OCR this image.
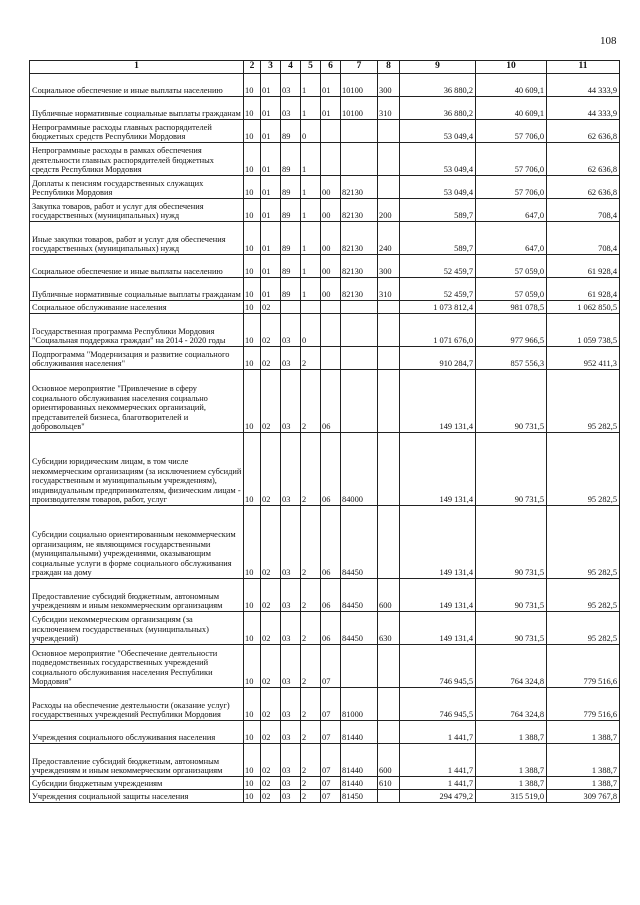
108
1	2	3	4	5	6	7	8	9	10	11
Социальное обеспечение и иные выплаты населению	10	01	03	1	01	10100	300	36 880,2	40 609,1	44 333,9
Публичные нормативные социальные выплаты гражданам	10	01	03	1	01	10100	310	36 880,2	40 609,1	44 333,9
Непрограммные расходы главных распорядителей бюджетных средств Республики Мордовия	10	01	89	0				53 049,4	57 706,0	62 636,8
Непрограммные расходы в рамках обеспечения деятельности главных распорядителей бюджетных средств Республики Мордовия	10	01	89	1				53 049,4	57 706,0	62 636,8
Доплаты к пенсиям государственных служащих Республики Мордовия	10	01	89	1	00	82130		53 049,4	57 706,0	62 636,8
Закупка товаров, работ и услуг для обеспечения государственных (муниципальных) нужд	10	01	89	1	00	82130	200	589,7	647,0	708,4
Иные закупки товаров, работ и услуг для обеспечения государственных (муниципальных) нужд	10	01	89	1	00	82130	240	589,7	647,0	708,4
Социальное обеспечение и иные выплаты населению	10	01	89	1	00	82130	300	52 459,7	57 059,0	61 928,4
Публичные нормативные социальные выплаты гражданам	10	01	89	1	00	82130	310	52 459,7	57 059,0	61 928,4
Социальное обслуживание населения	10	02						1 073 812,4	981 078,5	1 062 850,5
Государственная программа Республики Мордовия "Социальная поддержка граждан" на 2014 - 2020 годы	10	02	03	0				1 071 676,0	977 966,5	1 059 738,5
Подпрограмма "Модернизация и развитие социального обслуживания населения"	10	02	03	2				910 284,7	857 556,3	952 411,3
Основное мероприятие "Привлечение в сферу социального обслуживания населения социально ориентированных некоммерческих организаций, представителей бизнеса, благотворителей и добровольцев"	10	02	03	2	06			149 131,4	90 731,5	95 282,5
Субсидии юридическим лицам, в том числе некоммерческим организациям (за исключением субсидий государственным и муниципальным учреждениям), индивидуальным предпринимателям, физическим лицам - производителям товаров, работ, услуг	10	02	03	2	06	84000		149 131,4	90 731,5	95 282,5
Субсидии социально ориентированным некоммерческим организациям, не являющимся государственными (муниципальными) учреждениями, оказывающим социальные услуги в форме социального обслуживания граждан на дому	10	02	03	2	06	84450		149 131,4	90 731,5	95 282,5
Предоставление субсидий бюджетным, автономным учреждениям и иным некоммерческим организациям	10	02	03	2	06	84450	600	149 131,4	90 731,5	95 282,5
Субсидии некоммерческим организациям (за исключением государственных (муниципальных) учреждений)	10	02	03	2	06	84450	630	149 131,4	90 731,5	95 282,5
Основное мероприятие "Обеспечение деятельности подведомственных государственных учреждений социального обслуживания населения Республики Мордовия"	10	02	03	2	07			746 945,5	764 324,8	779 516,6
Расходы на обеспечение деятельности (оказание услуг) государственных учреждений Республики Мордовия	10	02	03	2	07	81000		746 945,5	764 324,8	779 516,6
Учреждения социального обслуживания населения	10	02	03	2	07	81440		1 441,7	1 388,7	1 388,7
Предоставление субсидий бюджетным, автономным учреждениям и иным некоммерческим организациям	10	02	03	2	07	81440	600	1 441,7	1 388,7	1 388,7
Субсидии бюджетным учреждениям	10	02	03	2	07	81440	610	1 441,7	1 388,7	1 388,7
Учреждения социальной защиты населения	10	02	03	2	07	81450		294 479,2	315 519,0	309 767,8
